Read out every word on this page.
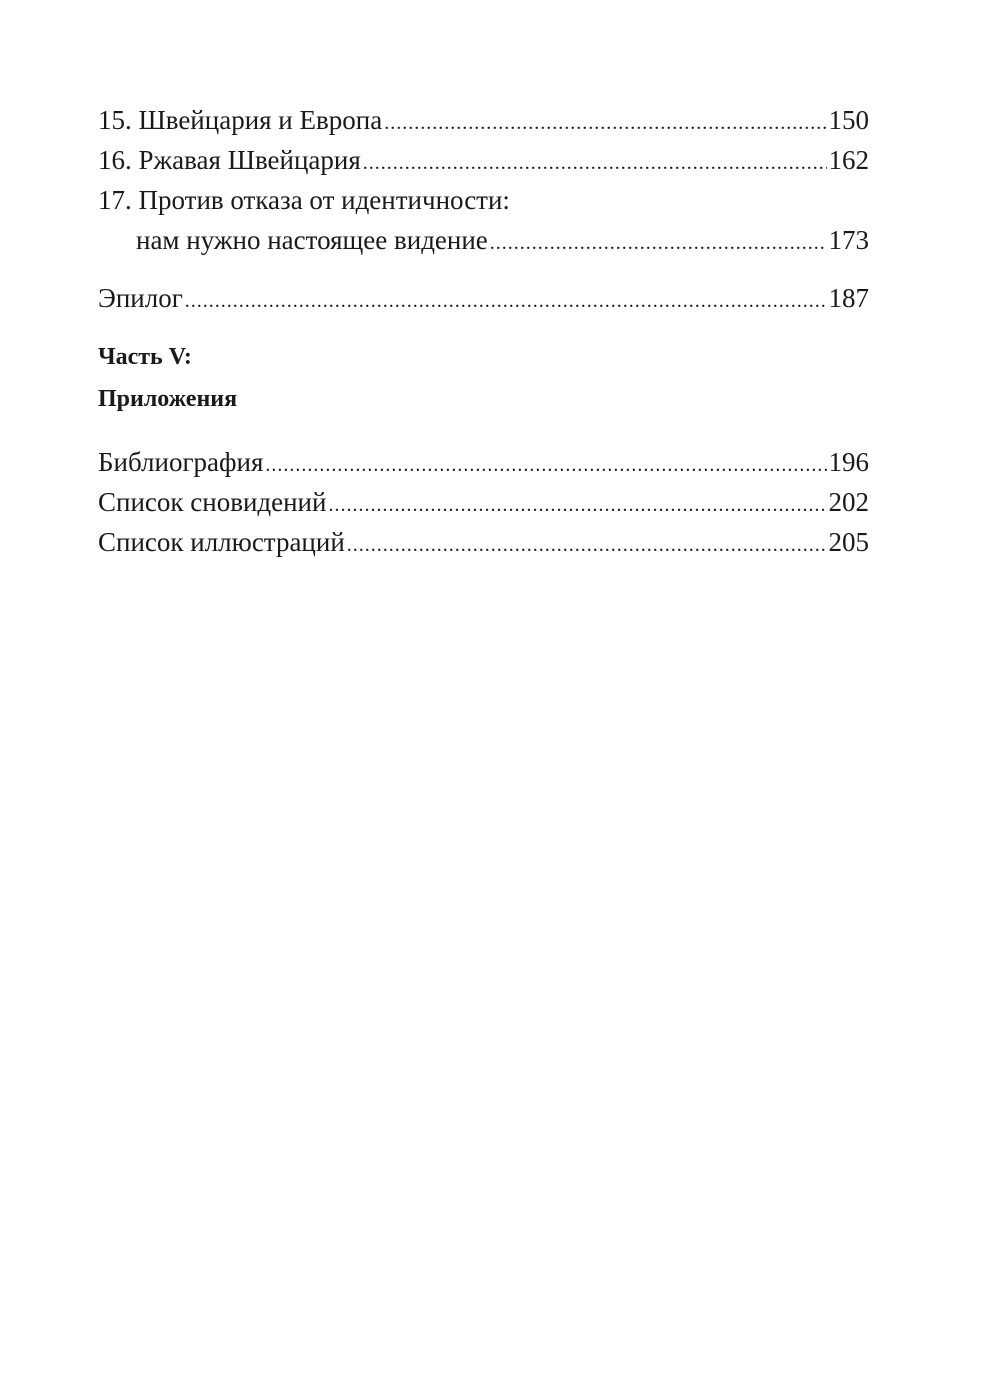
15. Швейцария и Европа .....	150
16. Ржавая Швейцария .....	162
17. Против отказа от идентичности:
нам нужно настоящее видение .....	173
Эпилог .....	187
Часть V:
Приложения
Библиография .....	196
Список сновидений .....	202
Список иллюстраций .....	205
